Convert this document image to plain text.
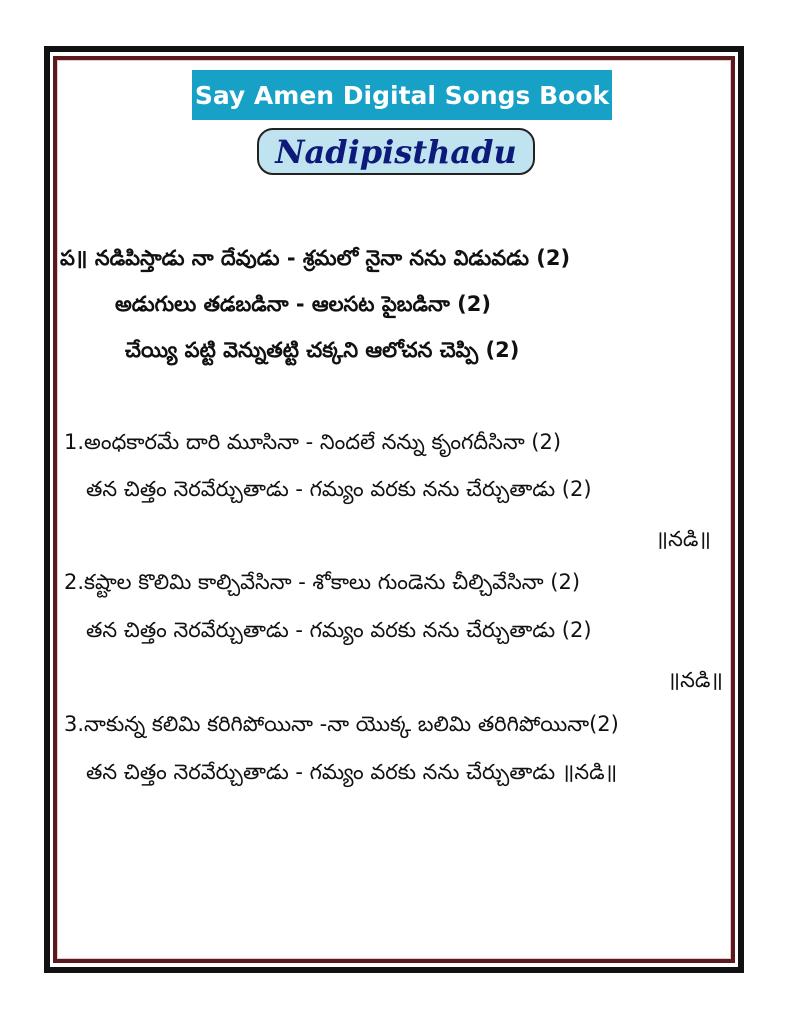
Say Amen Digital Songs Book
Nadipisthadu
ప॥ నడిపిస్తాడు నా దేవుడు - శ్రమలో నైనా నను విడువడు (2)
అడుగులు తడబడినా - ఆలసట పైబడినా (2)
చేయ్యి పట్టి వెన్నుతట్టి చక్కని ఆలోచన చెప్పి (2)
1.అంధకారమే దారి మూసినా - నిందలే నన్ను కృంగదీసినా (2)
తన చిత్తం నెరవేర్చుతాడు - గమ్యం వరకు నను చేర్చుతాడు (2)
॥నడి॥
2.కష్టాల కొలిమి కాల్చివేసినా - శోకాలు గుండెను చీల్చివేసినా (2)
తన చిత్తం నెరవేర్చుతాడు - గమ్యం వరకు నను చేర్చుతాడు (2)
॥నడి॥
3.నాకున్న కలిమి కరిగిపోయినా -నా యొక్క బలిమి తరిగిపోయినా(2)
తన చిత్తం నెరవేర్చుతాడు - గమ్యం వరకు నను చేర్చుతాడు ॥నడి॥
